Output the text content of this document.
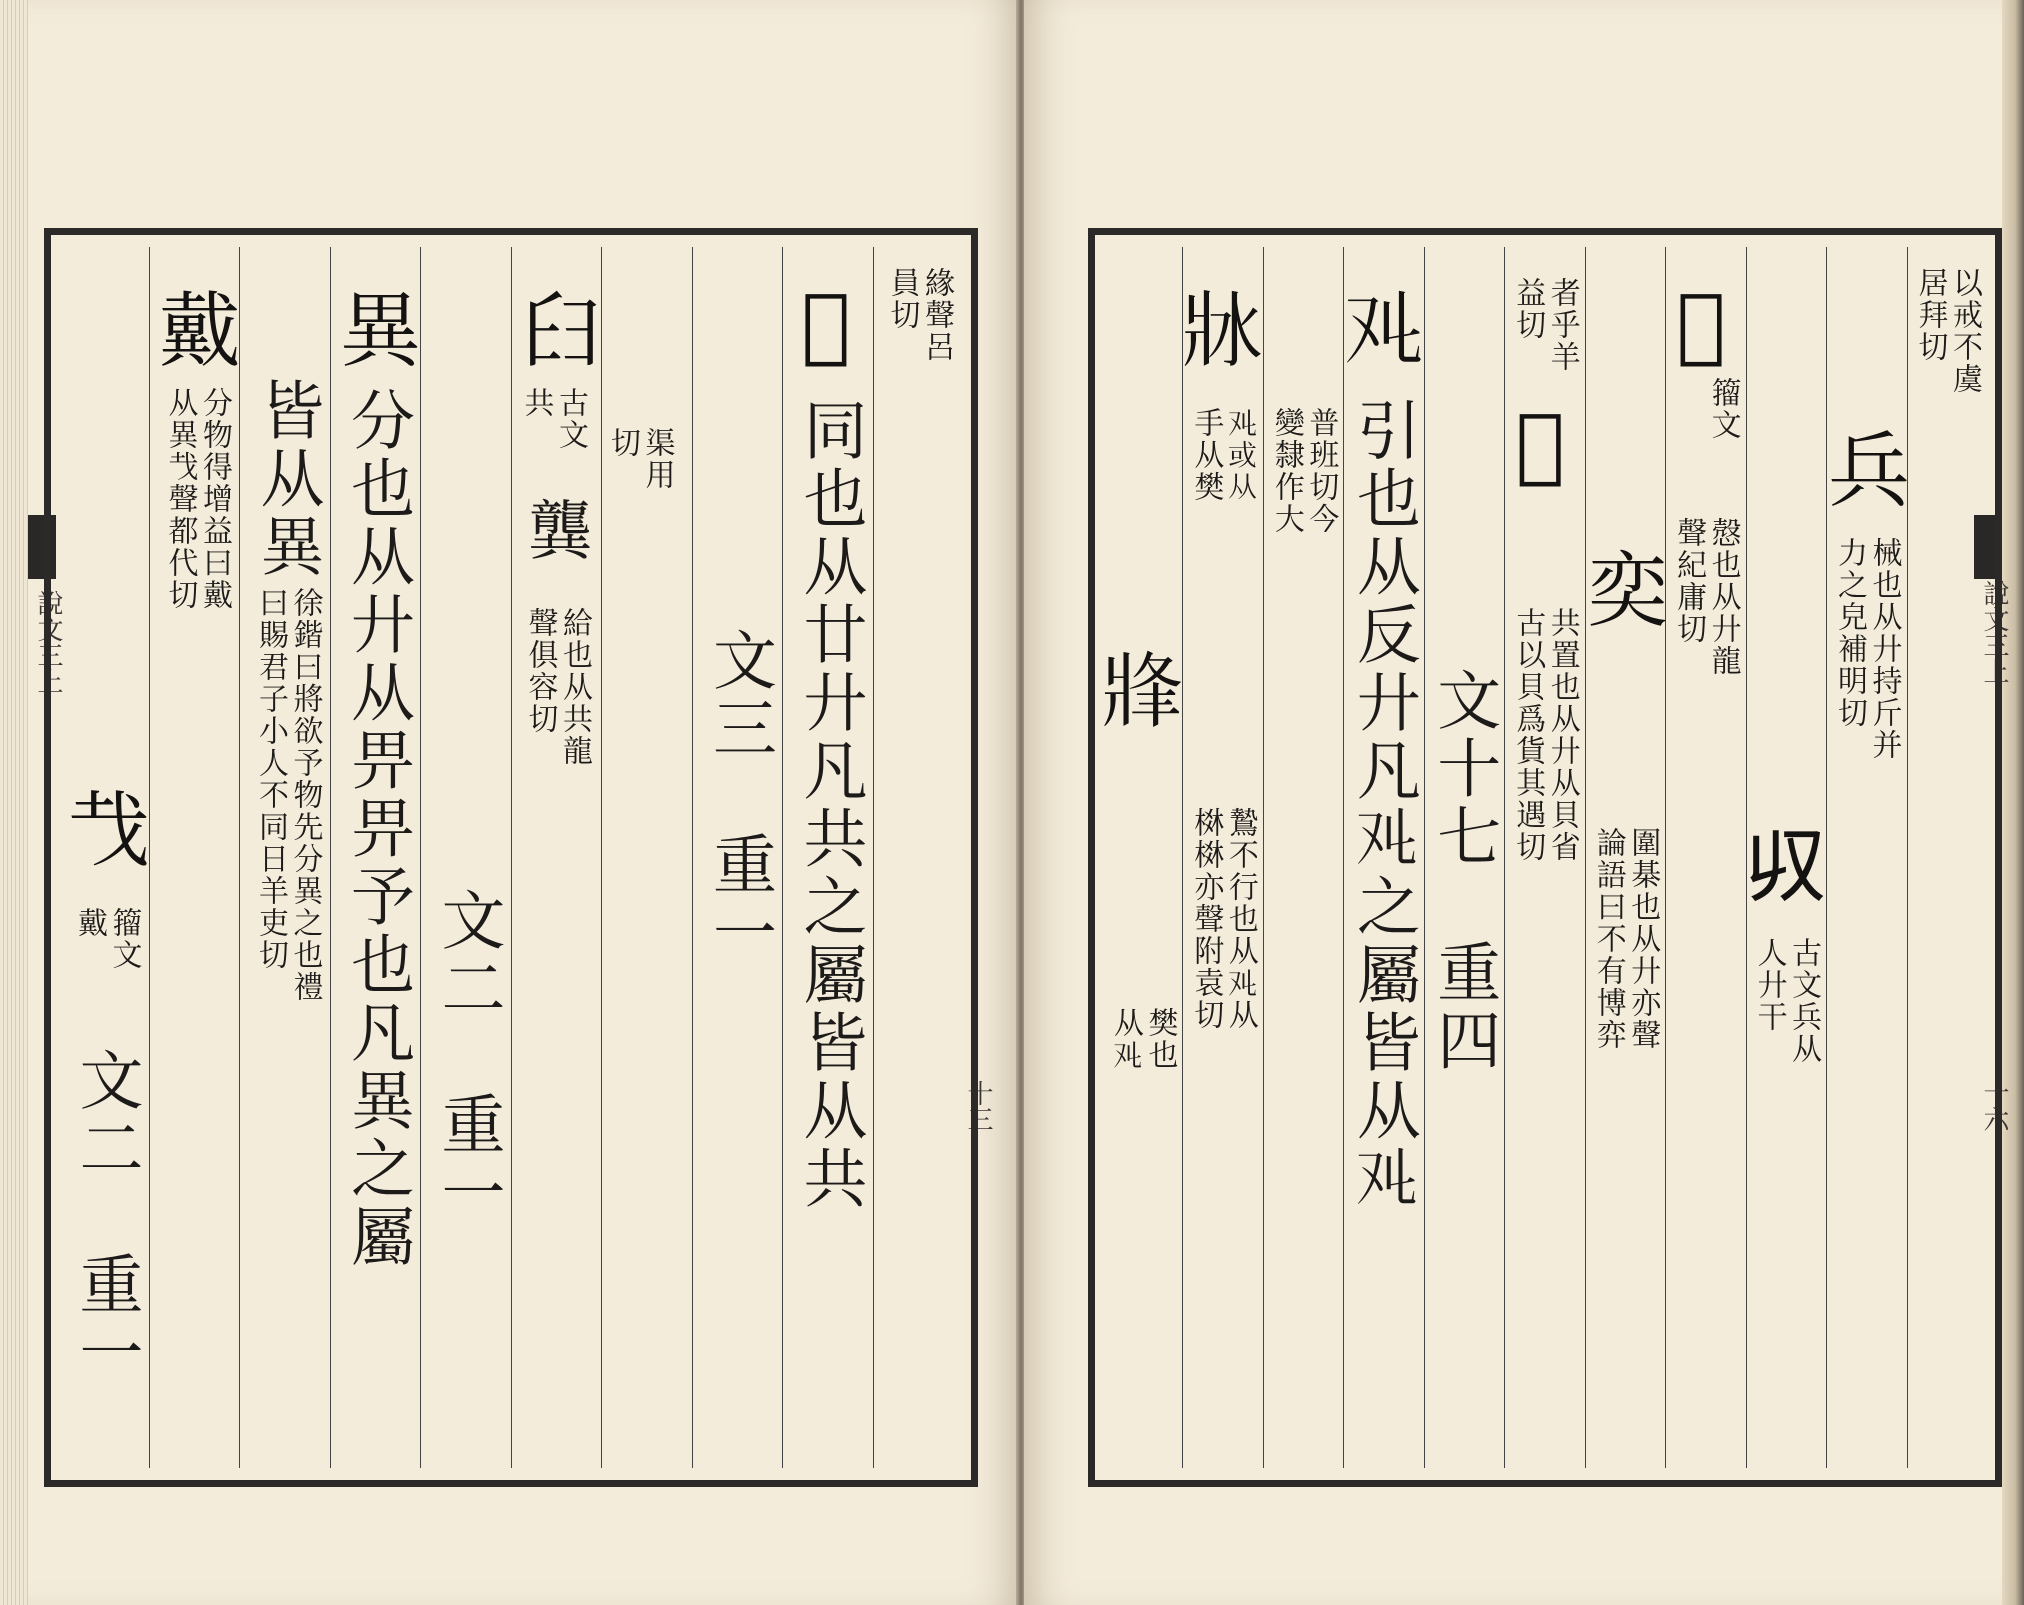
說文三上
十三
說文三上
十六
緣聲呂
員切
𢍓
同也从廿廾凡共之屬皆从共
文三　重一
渠用
切
𦥑
古文
共
龔
給也从共龍
聲俱容切
文二　重一
異
分也从廾从畀畀予也凡異之屬
皆从異
徐鍇曰將欲予物先分異之也禮
曰賜君子小人不同日羊吏切
戴
分物得增益曰戴
从異𢦏聲都代切
𢦏
籀文
戴
文二　重一
以戒不虞
居拜切
兵
械也从廾持斤并
力之皃補明切
𠬞
古文兵从
人廾干
𢍄
籀文
慤也从廾龍
聲紀庸切
奕
圍棊也从廾亦聲
論語曰不有博弈
者乎羊
益切
𢍋
共置也从廾从貝省
古以貝爲貨其遇切
文十七　重四
𠬜
引也从反廾凡𠬜之屬皆从𠬜
普班切今
變隸作大
𤕯
𠬜或从
手从樊
鷙不行也从𠬜从
棥棥亦聲附袁切
𤖀
樊也
从𠬜
